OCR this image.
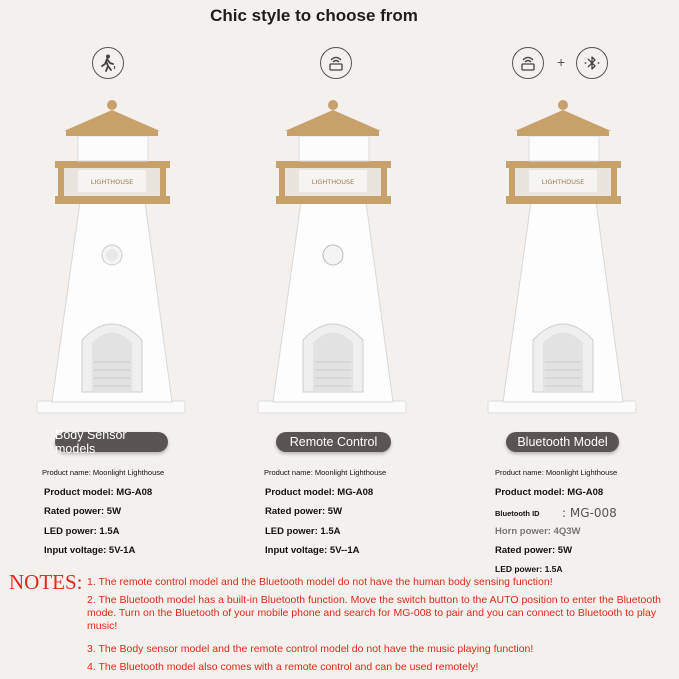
Chic style to choose from
LIGHTHOUSE
Body Sensor models
Product name: Moonlight Lighthouse
Product model: MG-A08
Rated power: 5W
LED power: 1.5A
Input voltage: 5V-1A
LIGHTHOUSE
Remote Control
Product name: Moonlight Lighthouse
Product model: MG-A08
Rated power: 5W
LED power: 1.5A
Input voltage: 5V--1A
+
LIGHTHOUSE
Bluetooth Model
Product name: Moonlight Lighthouse
Product model: MG-A08
Bluetooth ID : MG-008
Horn power: 4Q3W
Rated power: 5W
LED power: 1.5A
NOTES: 1. The remote control model and the Bluetooth model do not have the human body sensing function!
2. The Bluetooth model has a built-in Bluetooth function. Move the switch button to the AUTO position to enter the Bluetooth mode. Turn on the Bluetooth of your mobile phone and search for MG-008 to pair and you can connect to Bluetooth to play music!
3. The Body sensor model and the remote control model do not have the music playing function!
4. The Bluetooth model also comes with a remote control and can be used remotely!
